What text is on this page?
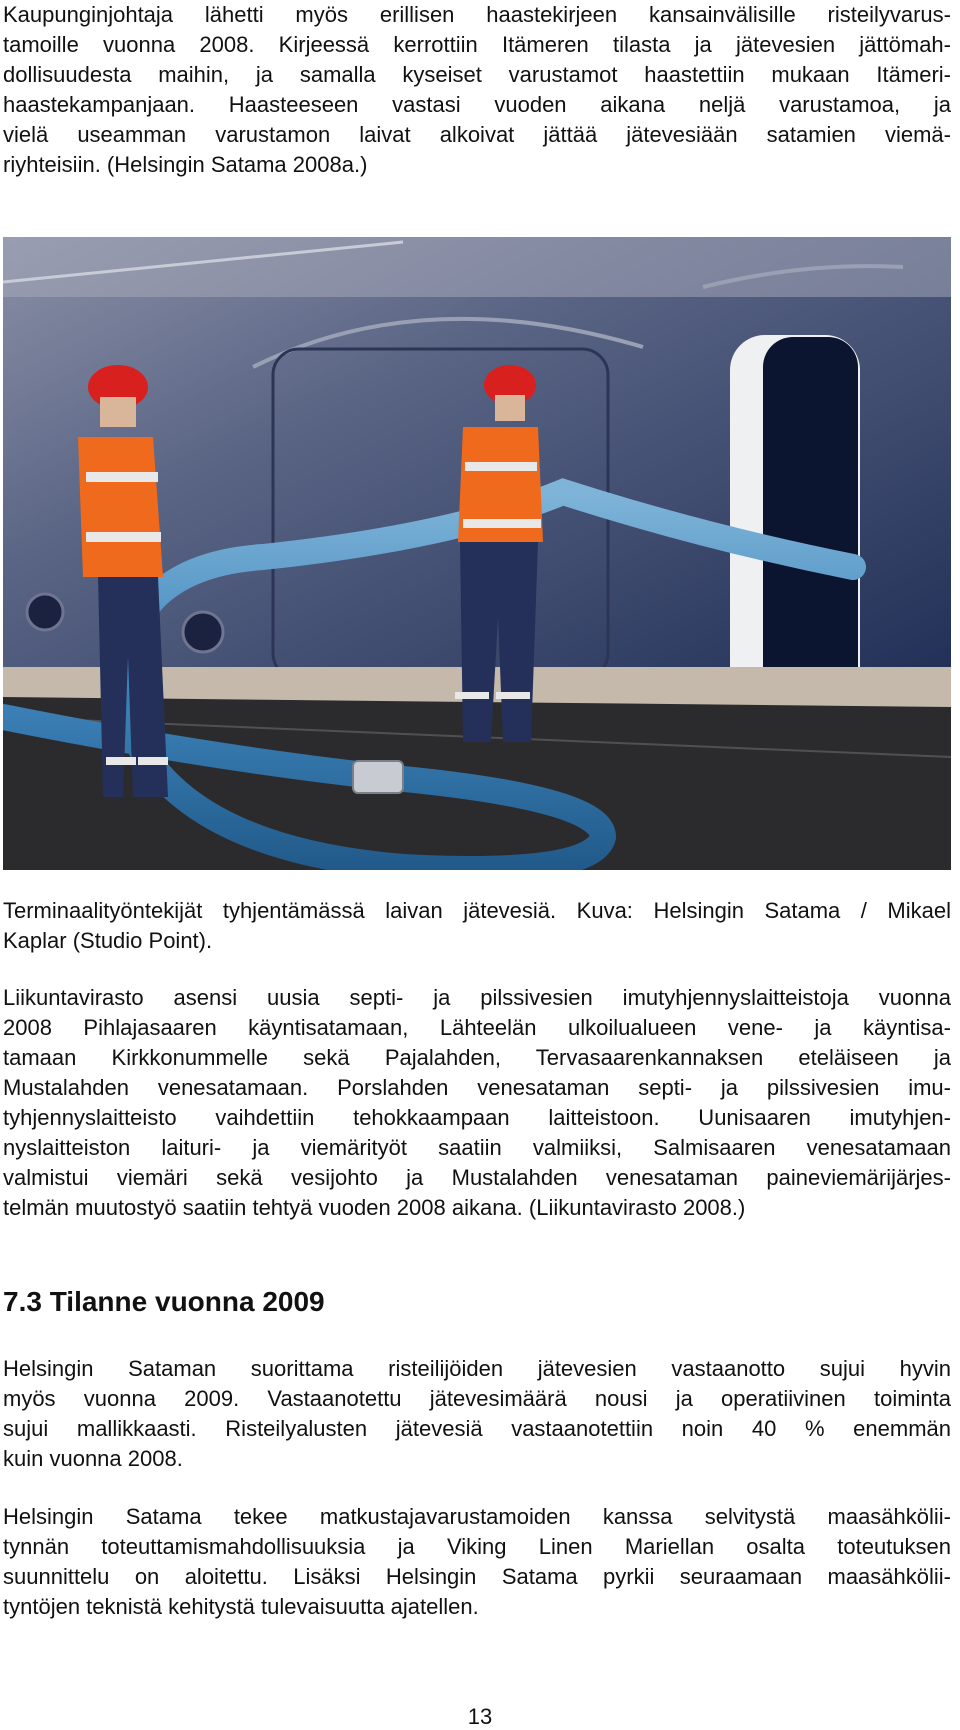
Kaupunginjohtaja lähetti myös erillisen haastekirjeen kansainvälisille risteilyvarus-
tamoille vuonna 2008. Kirjeessä kerrottiin Itämeren tilasta ja jätevesien jättömah-
dollisuudesta maihin, ja samalla kyseiset varustamot haastettiin mukaan Itämeri-
haastekampanjaan. Haasteeseen vastasi vuoden aikana neljä varustamoa, ja
vielä useamman varustamon laivat alkoivat jättää jätevesiään satamien viemä-
riyhteisiin. (Helsingin Satama 2008a.)
Terminaalityöntekijät tyhjentämässä laivan jätevesiä. Kuva: Helsingin Satama / Mikael
Kaplar (Studio Point).
Liikuntavirasto asensi uusia septi- ja pilssivesien imutyhjennyslaitteistoja vuonna
2008 Pihlajasaaren käyntisatamaan, Lähteelän ulkoilualueen vene- ja käyntisa-
tamaan Kirkkonummelle sekä Pajalahden, Tervasaarenkannaksen eteläiseen ja
Mustalahden venesatamaan. Porslahden venesataman septi- ja pilssivesien imu-
tyhjennyslaitteisto vaihdettiin tehokkaampaan laitteistoon. Uunisaaren imutyhjen-
nyslaitteiston laituri- ja viemärityöt saatiin valmiiksi, Salmisaaren venesatamaan
valmistui viemäri sekä vesijohto ja Mustalahden venesataman paineviemärijärjes-
telmän muutostyö saatiin tehtyä vuoden 2008 aikana. (Liikuntavirasto 2008.)
7.3 Tilanne vuonna 2009
Helsingin Sataman suorittama risteilijöiden jätevesien vastaanotto sujui hyvin
myös vuonna 2009. Vastaanotettu jätevesimäärä nousi ja operatiivinen toiminta
sujui mallikkaasti. Risteilyalusten jätevesiä vastaanotettiin noin 40 % enemmän
kuin vuonna 2008.
Helsingin Satama tekee matkustajavarustamoiden kanssa selvitystä maasähkölii-
tynnän toteuttamismahdollisuuksia ja Viking Linen Mariellan osalta toteutuksen
suunnittelu on aloitettu. Lisäksi Helsingin Satama pyrkii seuraamaan maasähkölii-
tyntöjen teknistä kehitystä tulevaisuutta ajatellen.
13
